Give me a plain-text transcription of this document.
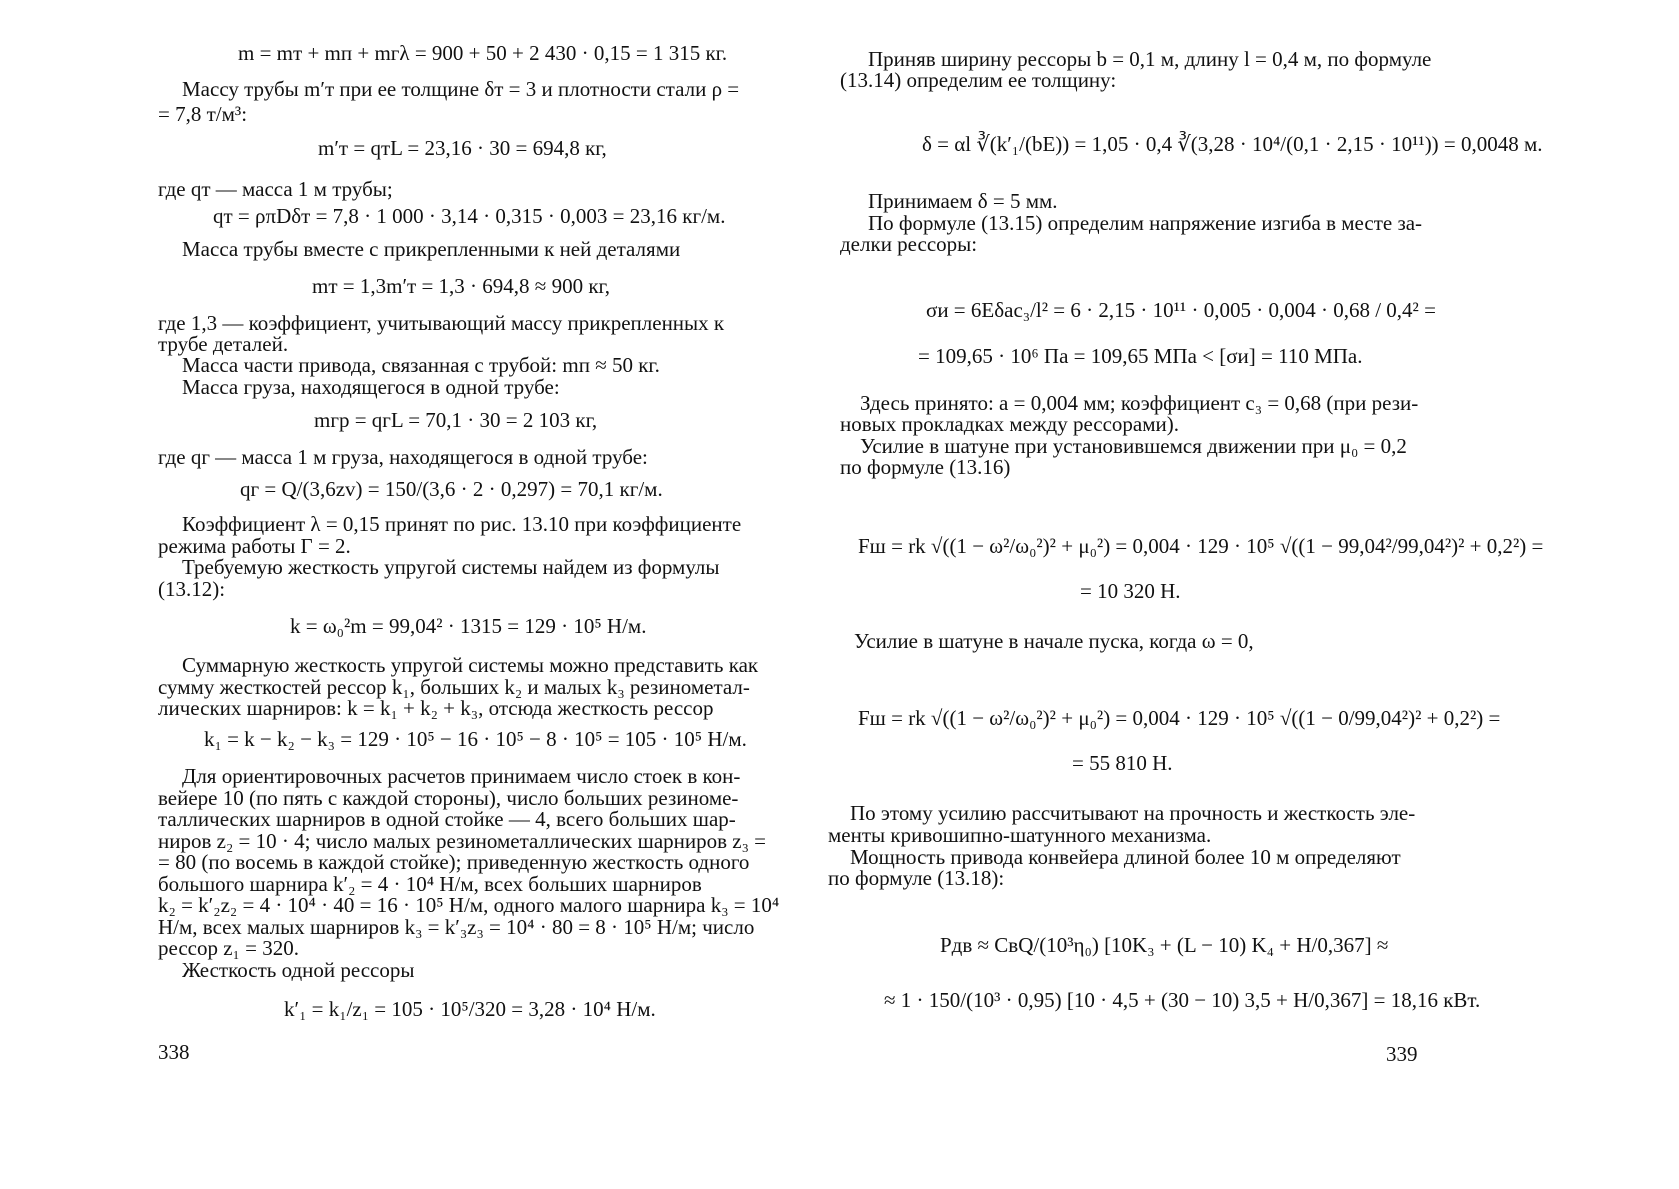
m = mт + mп + mгλ = 900 + 50 + 2 430 · 0,15 = 1 315 кг.
Массу трубы m′т при ее толщине δт = 3 и плотности стали ρ =
= 7,8 т/м³:
m′т = qтL = 23,16 · 30 = 694,8 кг,
где qт — масса 1 м трубы;
qт = ρπDδт = 7,8 · 1 000 · 3,14 · 0,315 · 0,003 = 23,16 кг/м.
Масса трубы вместе с прикрепленными к ней деталями
mт = 1,3m′т = 1,3 · 694,8 ≈ 900 кг,
где 1,3 — коэффициент, учитывающий массу прикрепленных к
трубе деталей.
Масса части привода, связанная с трубой: mп ≈ 50 кг.
Масса груза, находящегося в одной трубе:
mгр = qгL = 70,1 · 30 = 2 103 кг,
где qг — масса 1 м груза, находящегося в одной трубе:
qг = Q/(3,6zv) = 150/(3,6 · 2 · 0,297) = 70,1 кг/м.
Коэффициент λ = 0,15 принят по рис. 13.10 при коэффициенте
режима работы Г = 2.
Требуемую жесткость упругой системы найдем из формулы
(13.12):
k = ω₀²m = 99,04² · 1315 = 129 · 10⁵ Н/м.
Суммарную жесткость упругой системы можно представить как
сумму жесткостей рессор k₁, больших k₂ и малых k₃ резинометал-
лических шарниров: k = k₁ + k₂ + k₃, отсюда жесткость рессор
k₁ = k − k₂ − k₃ = 129 · 10⁵ − 16 · 10⁵ − 8 · 10⁵ = 105 · 10⁵ Н/м.
Для ориентировочных расчетов принимаем число стоек в кон-
вейере 10 (по пять с каждой стороны), число больших резиноме-
таллических шарниров в одной стойке — 4, всего больших шар-
ниров z₂ = 10 · 4; число малых резинометаллических шарниров z₃ =
= 80 (по восемь в каждой стойке); приведенную жесткость одного
большого шарнира k′₂ = 4 · 10⁴ Н/м, всех больших шарниров
k₂ = k′₂z₂ = 4 · 10⁴ · 40 = 16 · 10⁵ Н/м, одного малого шарнира k₃ = 10⁴
Н/м, всех малых шарниров k₃ = k′₃z₃ = 10⁴ · 80 = 8 · 10⁵ Н/м; число
рессор z₁ = 320.
Жесткость одной рессоры
k′₁ = k₁/z₁ = 105 · 10⁵/320 = 3,28 · 10⁴ Н/м.
338
Приняв ширину рессоры b = 0,1 м, длину l = 0,4 м, по формуле
(13.14) определим ее толщину:
δ = αl ∛(k′₁/(bE)) = 1,05 · 0,4 ∛(3,28 · 10⁴/(0,1 · 2,15 · 10¹¹)) = 0,0048 м.
Принимаем δ = 5 мм.
По формуле (13.15) определим напряжение изгиба в месте за-
делки рессоры:
σи = 6Eδac₃/l² = 6 · 2,15 · 10¹¹ · 0,005 · 0,004 · 0,68 / 0,4² =
= 109,65 · 10⁶ Па = 109,65 МПа < [σи] = 110 МПа.
Здесь принято: a = 0,004 мм; коэффициент c₃ = 0,68 (при рези-
новых прокладках между рессорами).
Усилие в шатуне при установившемся движении при μ₀ = 0,2
по формуле (13.16)
Fш = rk √((1 − ω²/ω₀²)² + μ₀²) = 0,004 · 129 · 10⁵ √((1 − 99,04²/99,04²)² + 0,2²) =
= 10 320 Н.
Усилие в шатуне в начале пуска, когда ω = 0,
Fш = rk √((1 − ω²/ω₀²)² + μ₀²) = 0,004 · 129 · 10⁵ √((1 − 0/99,04²)² + 0,2²) =
= 55 810 Н.
По этому усилию рассчитывают на прочность и жесткость эле-
менты кривошипно-шатунного механизма.
Мощность привода конвейера длиной более 10 м определяют
по формуле (13.18):
Pдв ≈ CвQ/(10³η₀) [10K₃ + (L − 10) K₄ + H/0,367] ≈
≈ 1 · 150/(10³ · 0,95) [10 · 4,5 + (30 − 10) 3,5 + H/0,367] = 18,16 кВт.
339
